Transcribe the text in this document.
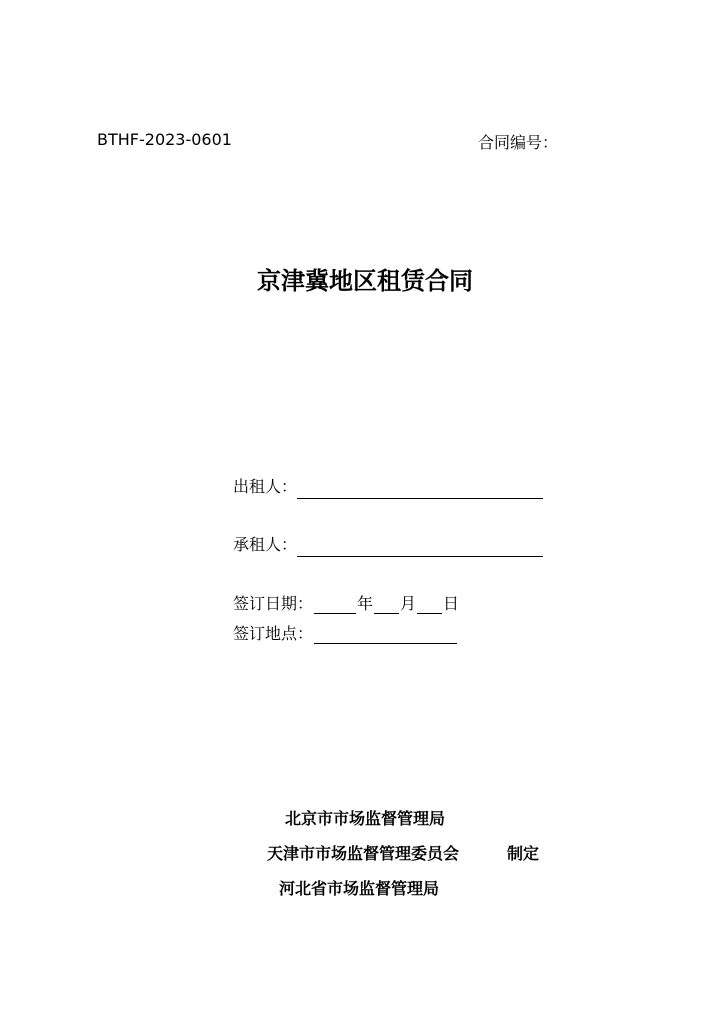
BTHF-2023-0601	合同编号：
京津冀地区租赁合同
出租人：
承租人：
签订日期：	年 月 日
签订地点：
北京市市场监督管理局
天津市市场监督管理委员会	制定
河北省市场监督管理局
